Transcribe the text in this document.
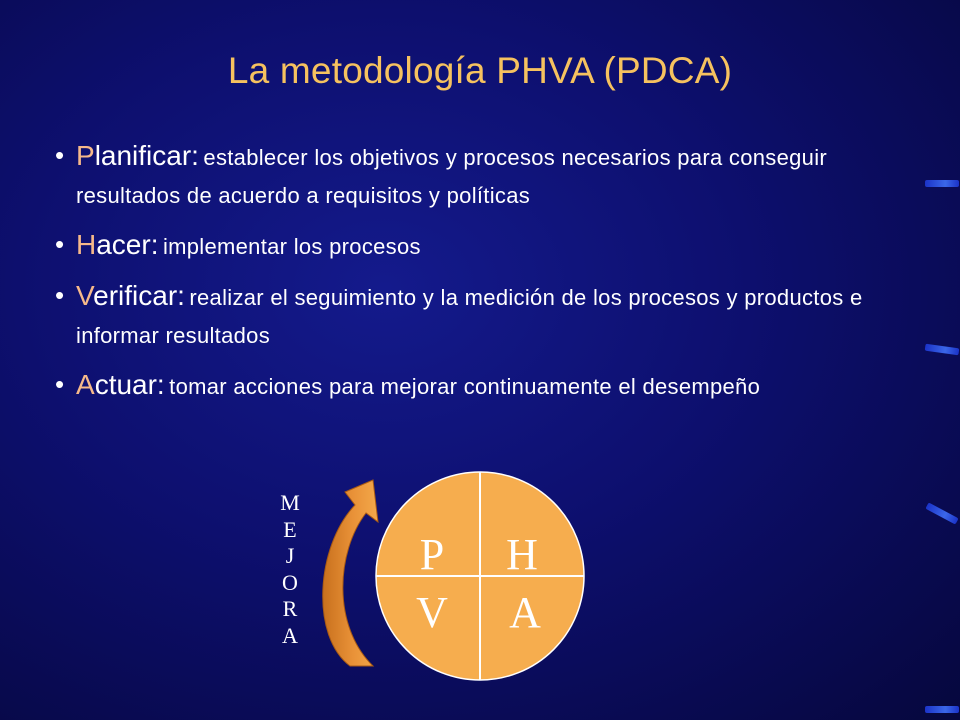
La metodología PHVA (PDCA)
• Planificar: establecer los objetivos y procesos necesarios para conseguir resultados de acuerdo a requisitos y políticas
• Hacer: implementar los procesos
• Verificar: realizar el seguimiento y la medición de los procesos y productos e informar resultados
• Actuar: tomar acciones para mejorar continuamente el desempeño
P H
V A
M
E
J
O
R
A
